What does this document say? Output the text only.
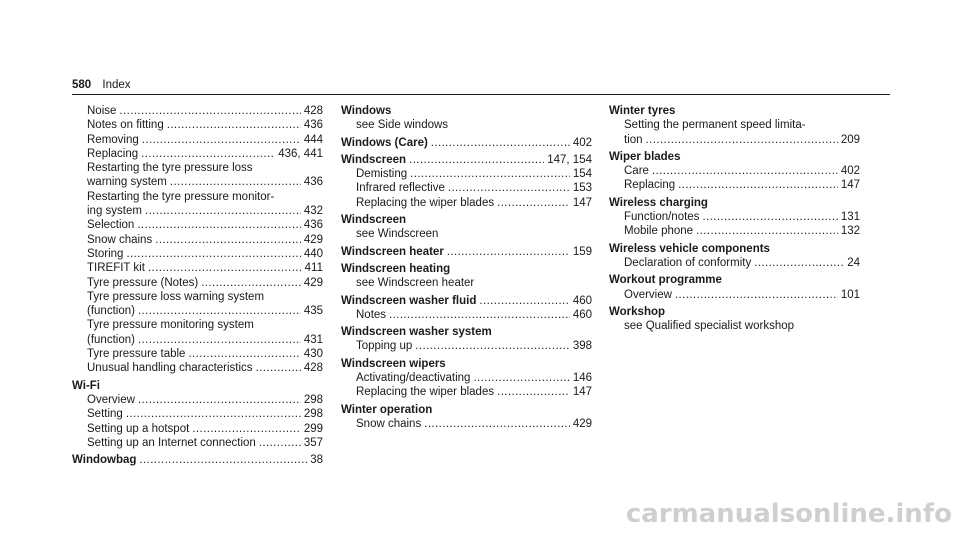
580 Index
Noise .....	428
Notes on fitting .....	436
Removing .....	444
Replacing .....	436, 441
Restarting the tyre pressure loss
warning system .....	436
Restarting the tyre pressure monitor-
ing system .....	432
Selection .....	436
Snow chains .....	429
Storing .....	440
TIREFIT kit .....	411
Tyre pressure (Notes) .....	429
Tyre pressure loss warning system
(function) .....	435
Tyre pressure monitoring system
(function) .....	431
Tyre pressure table .....	430
Unusual handling characteristics .....	428
Wi-Fi
Overview .....	298
Setting .....	298
Setting up a hotspot .....	299
Setting up an Internet connection .....	357
Windowbag .....	38
Windows
see Side windows
Windows (Care) .....	402
Windscreen .....	147, 154
Demisting .....	154
Infrared reflective .....	153
Replacing the wiper blades .....	147
Windscreen
see Windscreen
Windscreen heater .....	159
Windscreen heating
see Windscreen heater
Windscreen washer fluid .....	460
Notes .....	460
Windscreen washer system
Topping up .....	398
Windscreen wipers
Activating/deactivating .....	146
Replacing the wiper blades .....	147
Winter operation
Snow chains .....	429
Winter tyres
Setting the permanent speed limita-
tion .....	209
Wiper blades
Care .....	402
Replacing .....	147
Wireless charging
Function/notes .....	131
Mobile phone .....	132
Wireless vehicle components
Declaration of conformity .....	24
Workout programme
Overview .....	101
Workshop
see Qualified specialist workshop
carmanualsonline.info
